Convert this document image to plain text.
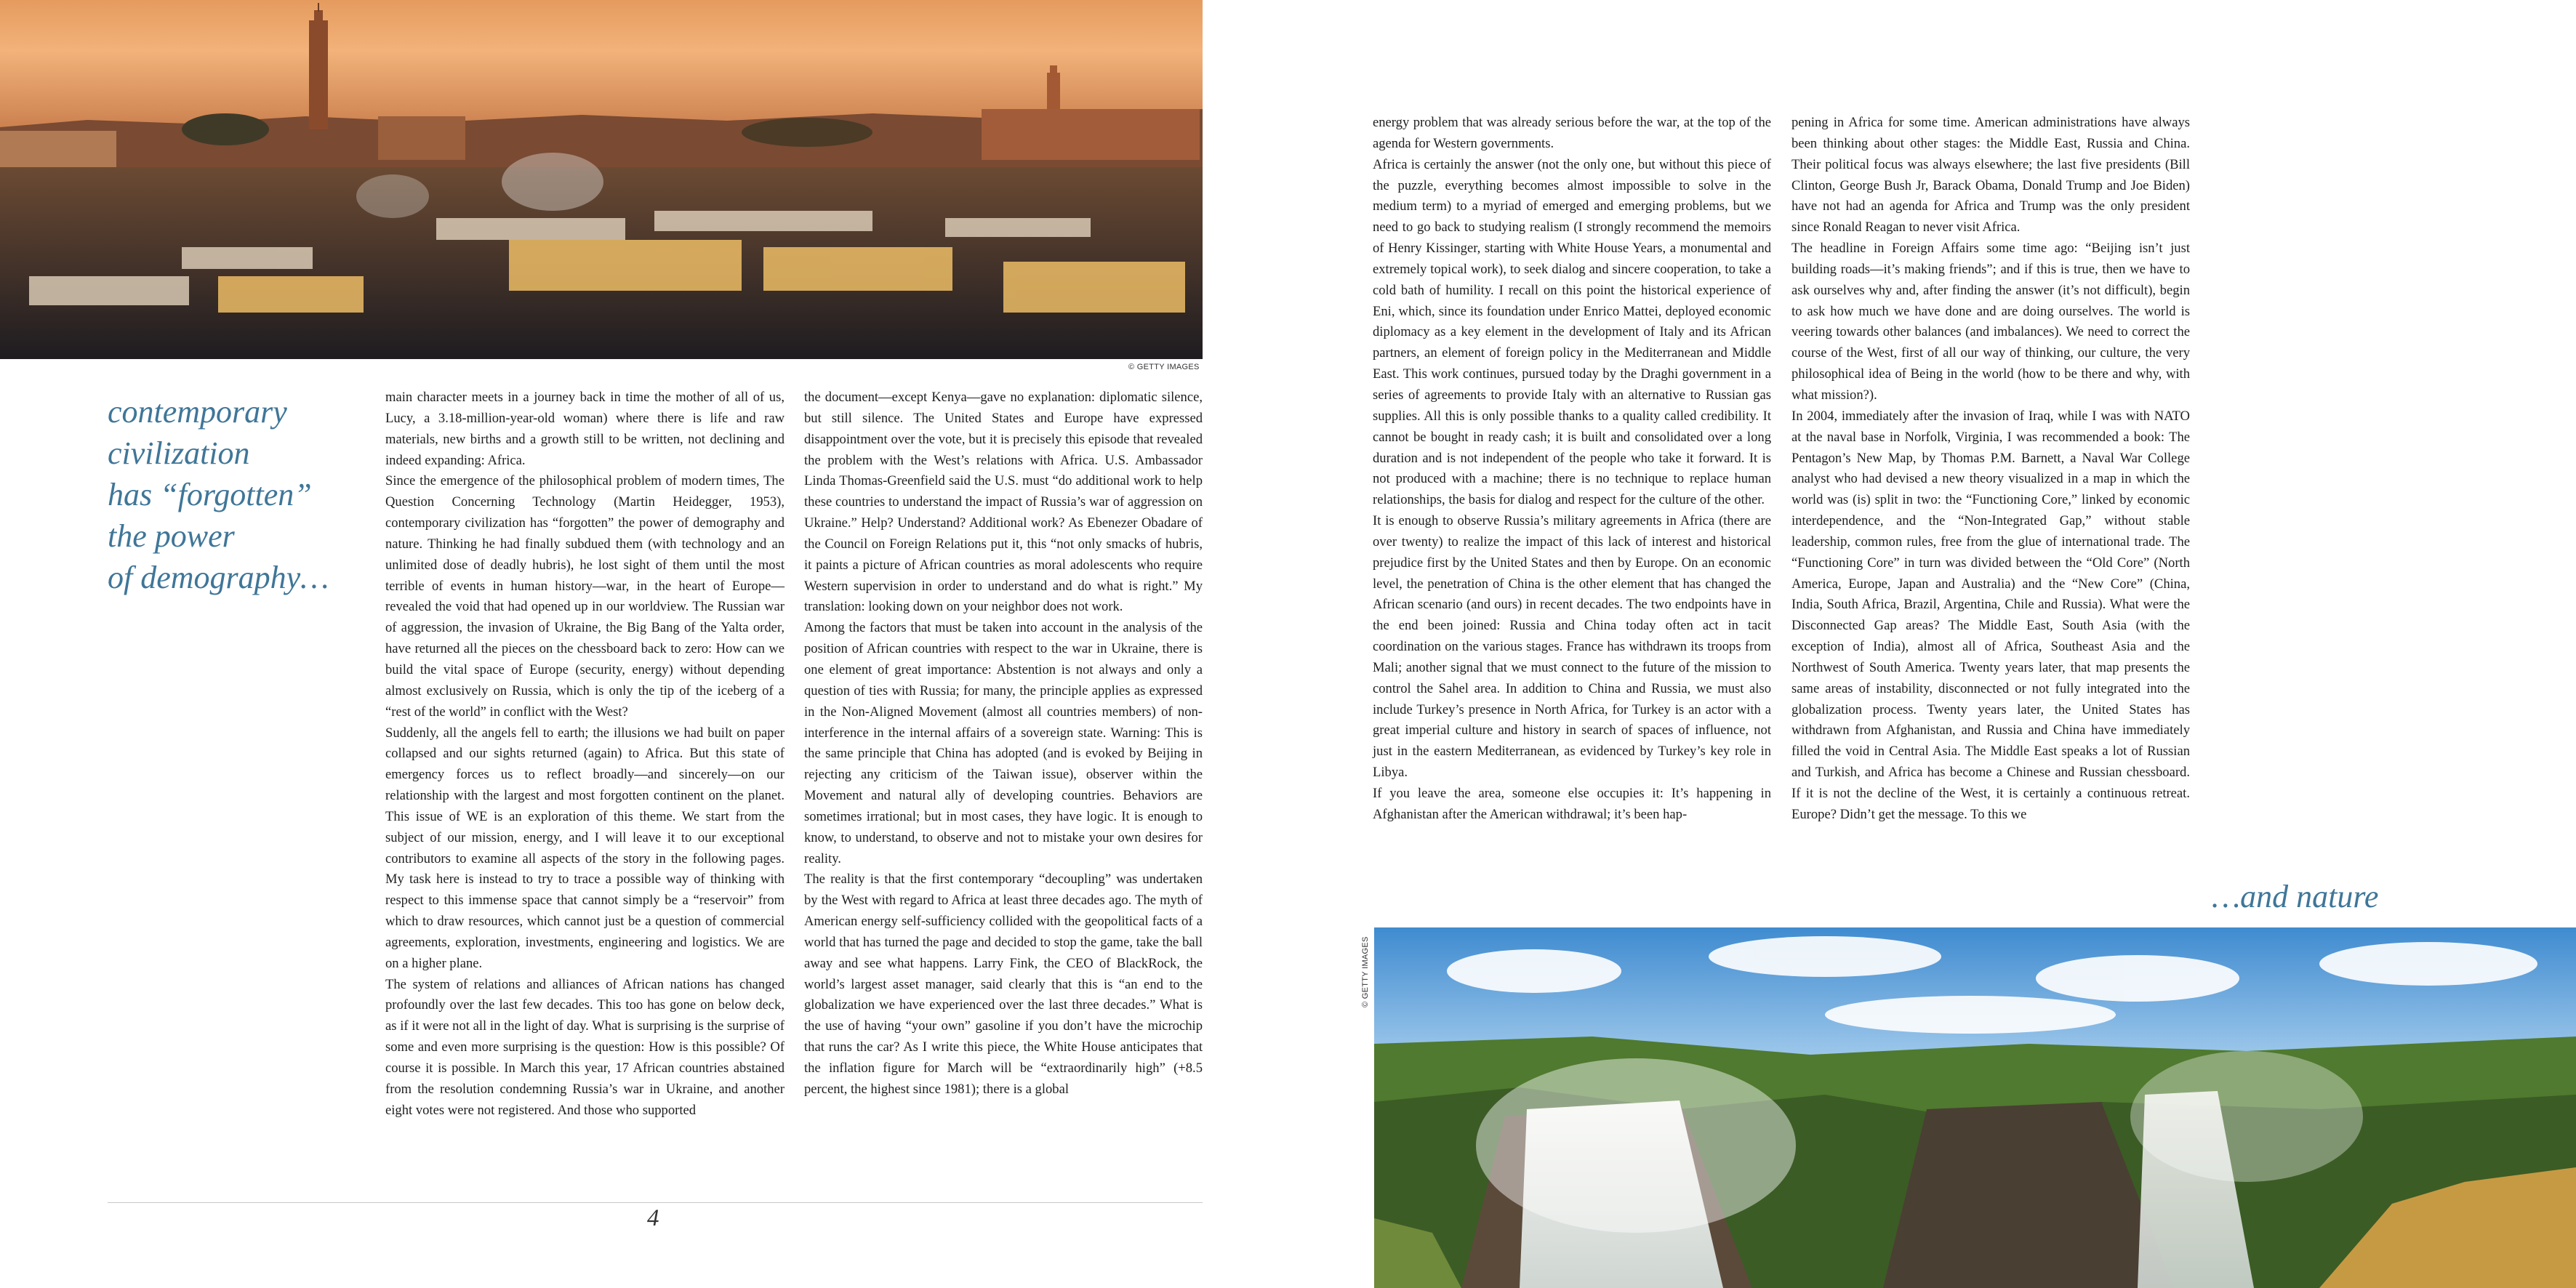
© GETTY IMAGES
contemporary
civilization
has “forgotten”
the power
of demography…

main character meets in a journey back in time the mother of all of us, Lucy, a 3.18-million-year-old woman) where there is life and raw materials, new births and a growth still to be written, not declining and indeed expanding: Africa.

Since the emergence of the philosophical problem of modern times, The Question Concerning Technology (Martin Heidegger, 1953), contemporary civilization has “forgotten” the power of demography and nature. Thinking he had finally subdued them (with technology and an unlimited dose of deadly hubris), he lost sight of them until the most terrible of events in human history—war, in the heart of Europe—revealed the void that had opened up in our worldview. The Russian war of aggression, the invasion of Ukraine, the Big Bang of the Yalta order, have returned all the pieces on the chessboard back to zero: How can we build the vital space of Europe (security, energy) without depending almost exclusively on Russia, which is only the tip of the iceberg of a “rest of the world” in conflict with the West?

Suddenly, all the angels fell to earth; the illusions we had built on paper collapsed and our sights returned (again) to Africa. But this state of emergency forces us to reflect broadly—and sincerely—on our relationship with the largest and most forgotten continent on the planet. This issue of WE is an exploration of this theme. We start from the subject of our mission, energy, and I will leave it to our exceptional contributors to examine all aspects of the story in the following pages. My task here is instead to try to trace a possible way of thinking with respect to this immense space that cannot simply be a “reservoir” from which to draw resources, which cannot just be a question of commercial agreements, exploration, investments, engineering and logistics. We are on a higher plane.

The system of relations and alliances of African nations has changed profoundly over the last few decades. This too has gone on below deck, as if it were not all in the light of day. What is surprising is the surprise of some and even more surprising is the question: How is this possible? Of course it is possible. In March this year, 17 African countries abstained from the resolution condemning Russia’s war in Ukraine, and another eight votes were not registered. And those who supported

the document—except Kenya—gave no explanation: diplomatic silence, but still silence. The United States and Europe have expressed disappointment over the vote, but it is precisely this episode that revealed the problem with the West’s relations with Africa. U.S. Ambassador Linda Thomas-Greenfield said the U.S. must “do additional work to help these countries to understand the impact of Russia’s war of aggression on Ukraine.” Help? Understand? Additional work? As Ebenezer Obadare of the Council on Foreign Relations put it, this “not only smacks of hubris, it paints a picture of African countries as moral adolescents who require Western supervision in order to understand and do what is right.” My translation: looking down on your neighbor does not work.

Among the factors that must be taken into account in the analysis of the position of African countries with respect to the war in Ukraine, there is one element of great importance: Abstention is not always and only a question of ties with Russia; for many, the principle applies as expressed in the Non-Aligned Movement (almost all countries members) of non-interference in the internal affairs of a sovereign state. Warning: This is the same principle that China has adopted (and is evoked by Beijing in rejecting any criticism of the Taiwan issue), observer within the Movement and natural ally of developing countries. Behaviors are sometimes irrational; but in most cases, they have logic. It is enough to know, to understand, to observe and not to mistake your own desires for reality.

The reality is that the first contemporary “decoupling” was undertaken by the West with regard to Africa at least three decades ago. The myth of American energy self-sufficiency collided with the geopolitical facts of a world that has turned the page and decided to stop the game, take the ball away and see what happens. Larry Fink, the CEO of BlackRock, the world’s largest asset manager, said clearly that this is “an end to the globalization we have experienced over the last three decades.” What is the use of having “your own” gasoline if you don’t have the microchip that runs the car? As I write this piece, the White House anticipates that the inflation figure for March will be “extraordinarily high” (+8.5 percent, the highest since 1981); there is a global

4

energy problem that was already serious before the war, at the top of the agenda for Western governments.

Africa is certainly the answer (not the only one, but without this piece of the puzzle, everything becomes almost impossible to solve in the medium term) to a myriad of emerged and emerging problems, but we need to go back to studying realism (I strongly recommend the memoirs of Henry Kissinger, starting with White House Years, a monumental and extremely topical work), to seek dialog and sincere cooperation, to take a cold bath of humility. I recall on this point the historical experience of Eni, which, since its foundation under Enrico Mattei, deployed economic diplomacy as a key element in the development of Italy and its African partners, an element of foreign policy in the Mediterranean and Middle East. This work continues, pursued today by the Draghi government in a series of agreements to provide Italy with an alternative to Russian gas supplies. All this is only possible thanks to a quality called credibility. It cannot be bought in ready cash; it is built and consolidated over a long duration and is not independent of the people who take it forward. It is not produced with a machine; there is no technique to replace human relationships, the basis for dialog and respect for the culture of the other.

It is enough to observe Russia’s military agreements in Africa (there are over twenty) to realize the impact of this lack of interest and historical prejudice first by the United States and then by Europe. On an economic level, the penetration of China is the other element that has changed the African scenario (and ours) in recent decades. The two endpoints have in the end been joined: Russia and China today often act in tacit coordination on the various stages. France has withdrawn its troops from Mali; another signal that we must connect to the future of the mission to control the Sahel area. In addition to China and Russia, we must also include Turkey’s presence in North Africa, for Turkey is an actor with a great imperial culture and history in search of spaces of influence, not just in the eastern Mediterranean, as evidenced by Turkey’s key role in Libya.

If you leave the area, someone else occupies it: It’s happening in Afghanistan after the American withdrawal; it’s been hap-

pening in Africa for some time. American administrations have always been thinking about other stages: the Middle East, Russia and China. Their political focus was always elsewhere; the last five presidents (Bill Clinton, George Bush Jr, Barack Obama, Donald Trump and Joe Biden) have not had an agenda for Africa and Trump was the only president since Ronald Reagan to never visit Africa.

The headline in Foreign Affairs some time ago: “Beijing isn’t just building roads—it’s making friends”; and if this is true, then we have to ask ourselves why and, after finding the answer (it’s not difficult), begin to ask how much we have done and are doing ourselves. The world is veering towards other balances (and imbalances). We need to correct the course of the West, first of all our way of thinking, our culture, the very philosophical idea of Being in the world (how to be there and why, with what mission?).

In 2004, immediately after the invasion of Iraq, while I was with NATO at the naval base in Norfolk, Virginia, I was recommended a book: The Pentagon’s New Map, by Thomas P.M. Barnett, a Naval War College analyst who had devised a new theory visualized in a map in which the world was (is) split in two: the “Functioning Core,” linked by economic interdependence, and the “Non-Integrated Gap,” without stable leadership, common rules, free from the glue of international trade. The “Functioning Core” in turn was divided between the “Old Core” (North America, Europe, Japan and Australia) and the “New Core” (China, India, South Africa, Brazil, Argentina, Chile and Russia). What were the Disconnected Gap areas? The Middle East, South Asia (with the exception of India), almost all of Africa, Southeast Asia and the Northwest of South America. Twenty years later, that map presents the same areas of instability, disconnected or not fully integrated into the globalization process. Twenty years later, the United States has withdrawn from Afghanistan, and Russia and China have immediately filled the void in Central Asia. The Middle East speaks a lot of Russian and Turkish, and Africa has become a Chinese and Russian chessboard. If it is not the decline of the West, it is certainly a continuous retreat. Europe? Didn’t get the message. To this we

…and nature
© GETTY IMAGES
